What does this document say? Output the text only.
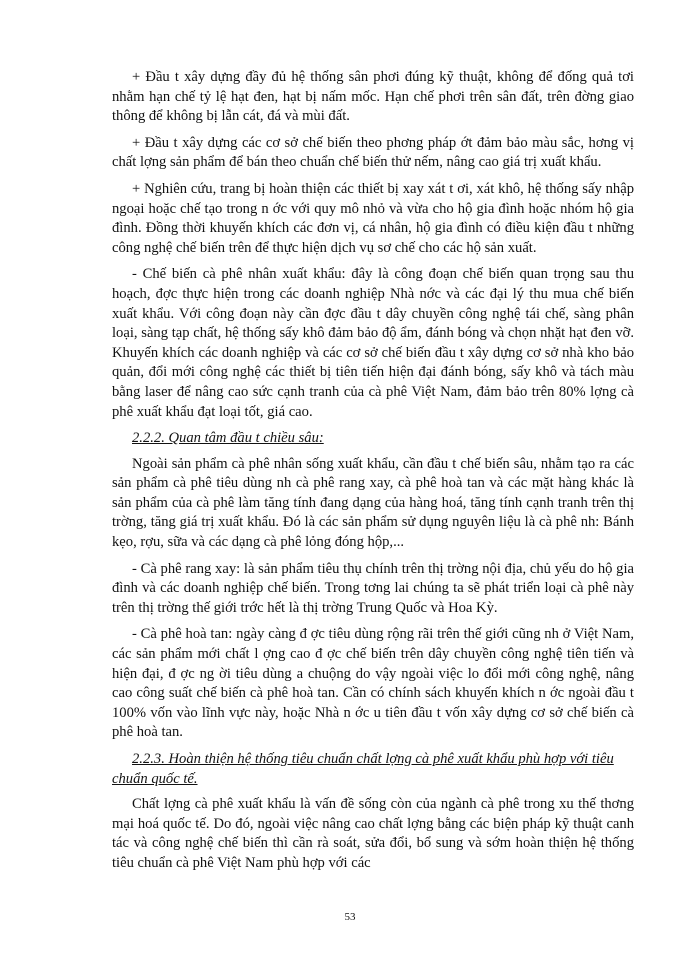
+ Đầu t xây dựng đầy đủ hệ thống sân phơi đúng kỹ thuật, không để đống quả tơi nhằm hạn chế tỷ lệ hạt đen, hạt bị nấm mốc. Hạn chế phơi trên sân đất, trên đờng giao thông để không bị lẫn cát, đá và mùi đất.

+ Đầu t xây dựng các cơ sở chế biến theo phơng pháp ớt đảm bảo màu sắc, hơng vị chất lợng sản phẩm để bán theo chuẩn chế biến thử nếm, nâng cao giá trị xuất khẩu.

+ Nghiên cứu, trang bị hoàn thiện các thiết bị xay xát t ơi, xát khô, hệ thống sấy nhập ngoại hoặc chế tạo trong n ớc với quy mô nhỏ và vừa cho hộ gia đình hoặc nhóm hộ gia đình. Đồng thời khuyến khích các đơn vị, cá nhân, hộ gia đình có điều kiện đầu t những công nghệ chế biến trên để thực hiện dịch vụ sơ chế cho các hộ sản xuất.

- Chế biến cà phê nhân xuất khẩu: đây là công đoạn chế biến quan trọng sau thu hoạch, đợc thực hiện trong các doanh nghiệp Nhà nớc và các đại lý thu mua chế biến xuất khẩu. Với công đoạn này cần đợc đầu t dây chuyền công nghệ tái chế, sàng phân loại, sàng tạp chất, hệ thống sấy khô đảm bảo độ ẩm, đánh bóng và chọn nhặt hạt đen vỡ. Khuyến khích các doanh nghiệp và các cơ sở chế biến đầu t xây dựng cơ sở nhà kho bảo quản, đổi mới công nghệ các thiết bị tiên tiến hiện đại đánh bóng, sấy khô và tách màu bằng laser để nâng cao sức cạnh tranh của cà phê Việt Nam, đảm bảo trên 80% lợng cà phê xuất khẩu đạt loại tốt, giá cao.

2.2.2. Quan tâm đầu t chiều sâu:

Ngoài sản phẩm cà phê nhân sống xuất khẩu, cần đầu t chế biến sâu, nhằm tạo ra các sản phẩm cà phê tiêu dùng nh cà phê rang xay, cà phê hoà tan và các mặt hàng khác là sản phẩm của cà phê làm tăng tính đang dạng của hàng hoá, tăng tính cạnh tranh trên thị trờng, tăng giá trị xuất khẩu. Đó là các sản phẩm sử dụng nguyên liệu là cà phê nh: Bánh kẹo, rợu, sữa và các dạng cà phê lỏng đóng hộp,...

- Cà phê rang xay: là sản phẩm tiêu thụ chính trên thị trờng nội địa, chủ yếu do hộ gia đình và các doanh nghiệp chế biến. Trong tơng lai chúng ta sẽ phát triển loại cà phê này trên thị trờng thế giới trớc hết là thị trờng Trung Quốc và Hoa Kỳ.

- Cà phê hoà tan: ngày càng đ ợc tiêu dùng rộng rãi trên thế giới cũng nh ở Việt Nam, các sản phẩm mới chất l ợng cao đ ợc chế biến trên dây chuyền công nghệ tiên tiến và hiện đại, đ ợc ng ời tiêu dùng a chuộng do vậy ngoài việc lo đổi mới công nghệ, nâng cao công suất chế biến cà phê hoà tan. Cần có chính sách khuyến khích n ớc ngoài đầu t 100% vốn vào lĩnh vực này, hoặc Nhà n ớc u tiên đầu t vốn xây dựng cơ sở chế biến cà phê hoà tan.

2.2.3. Hoàn thiện hệ thống tiêu chuẩn chất lợng cà phê xuất khẩu phù hợp với tiêu chuẩn quốc tế.

Chất lợng cà phê xuất khẩu là vấn đề sống còn của ngành cà phê trong xu thế thơng mại hoá quốc tế. Do đó, ngoài việc nâng cao chất lợng bằng các biện pháp kỹ thuật canh tác và công nghệ chế biến thì cần rà soát, sửa đổi, bổ sung và sớm hoàn thiện hệ thống tiêu chuẩn cà phê Việt Nam phù hợp với các

53
